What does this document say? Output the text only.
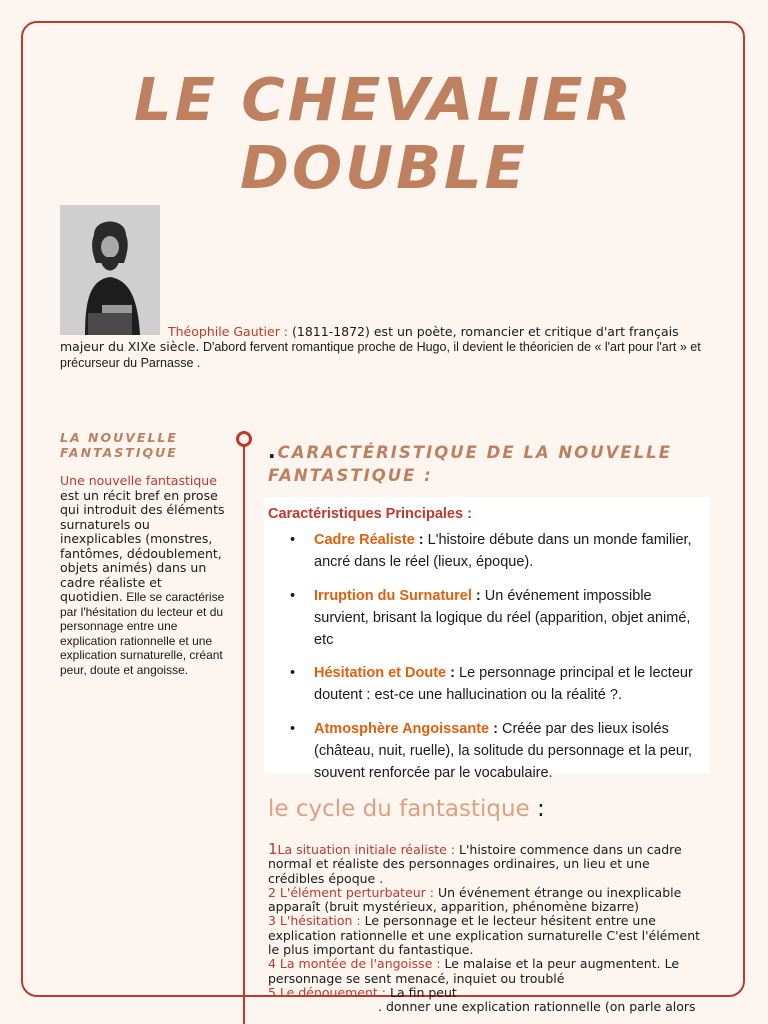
LE CHEVALIER DOUBLE

Théophile Gautier : (1811-1872) est un poète, romancier et critique d'art français majeur du XIXe siècle. D'abord fervent romantique proche de Hugo, il devient le théoricien de « l'art pour l'art » et précurseur du Parnasse .

LA NOUVELLE FANTASTIQUE

Une nouvelle fantastique est un récit bref en prose qui introduit des éléments surnaturels ou inexplicables (monstres, fantômes, dédoublement, objets animés) dans un cadre réaliste et quotidien. Elle se caractérise par l'hésitation du lecteur et du personnage entre une explication rationnelle et une explication surnaturelle, créant peur, doute et angoisse.

.CARACTÉRISTIQUE DE LA NOUVELLE FANTASTIQUE :

Caractéristiques Principales :

• Cadre Réaliste : L'histoire débute dans un monde familier, ancré dans le réel (lieux, époque).
• Irruption du Surnaturel : Un événement impossible survient, brisant la logique du réel (apparition, objet animé, etc
• Hésitation et Doute : Le personnage principal et le lecteur doutent : est-ce une hallucination ou la réalité ?.
• Atmosphère Angoissante : Créée par des lieux isolés (château, nuit, ruelle), la solitude du personnage et la peur, souvent renforcée par le vocabulaire.
le cycle du fantastique :
1La situation initiale réaliste : L'histoire commence dans un cadre normal et réaliste des personnages ordinaires, un lieu et une crédibles époque .
2 L'élément perturbateur : Un événement étrange ou inexplicable apparaît (bruit mystérieux, apparition, phénomène bizarre)
3 L'hésitation : Le personnage et le lecteur hésitent entre une explication rationnelle et une explication surnaturelle C'est l'élément le plus important du fantastique.
4 La montée de l'angoisse : Le malaise et la peur augmentent. Le personnage se sent menacé, inquiet ou troublé
5 Le dénouement : La fin peut
. donner une explication rationnelle (on parle alors
